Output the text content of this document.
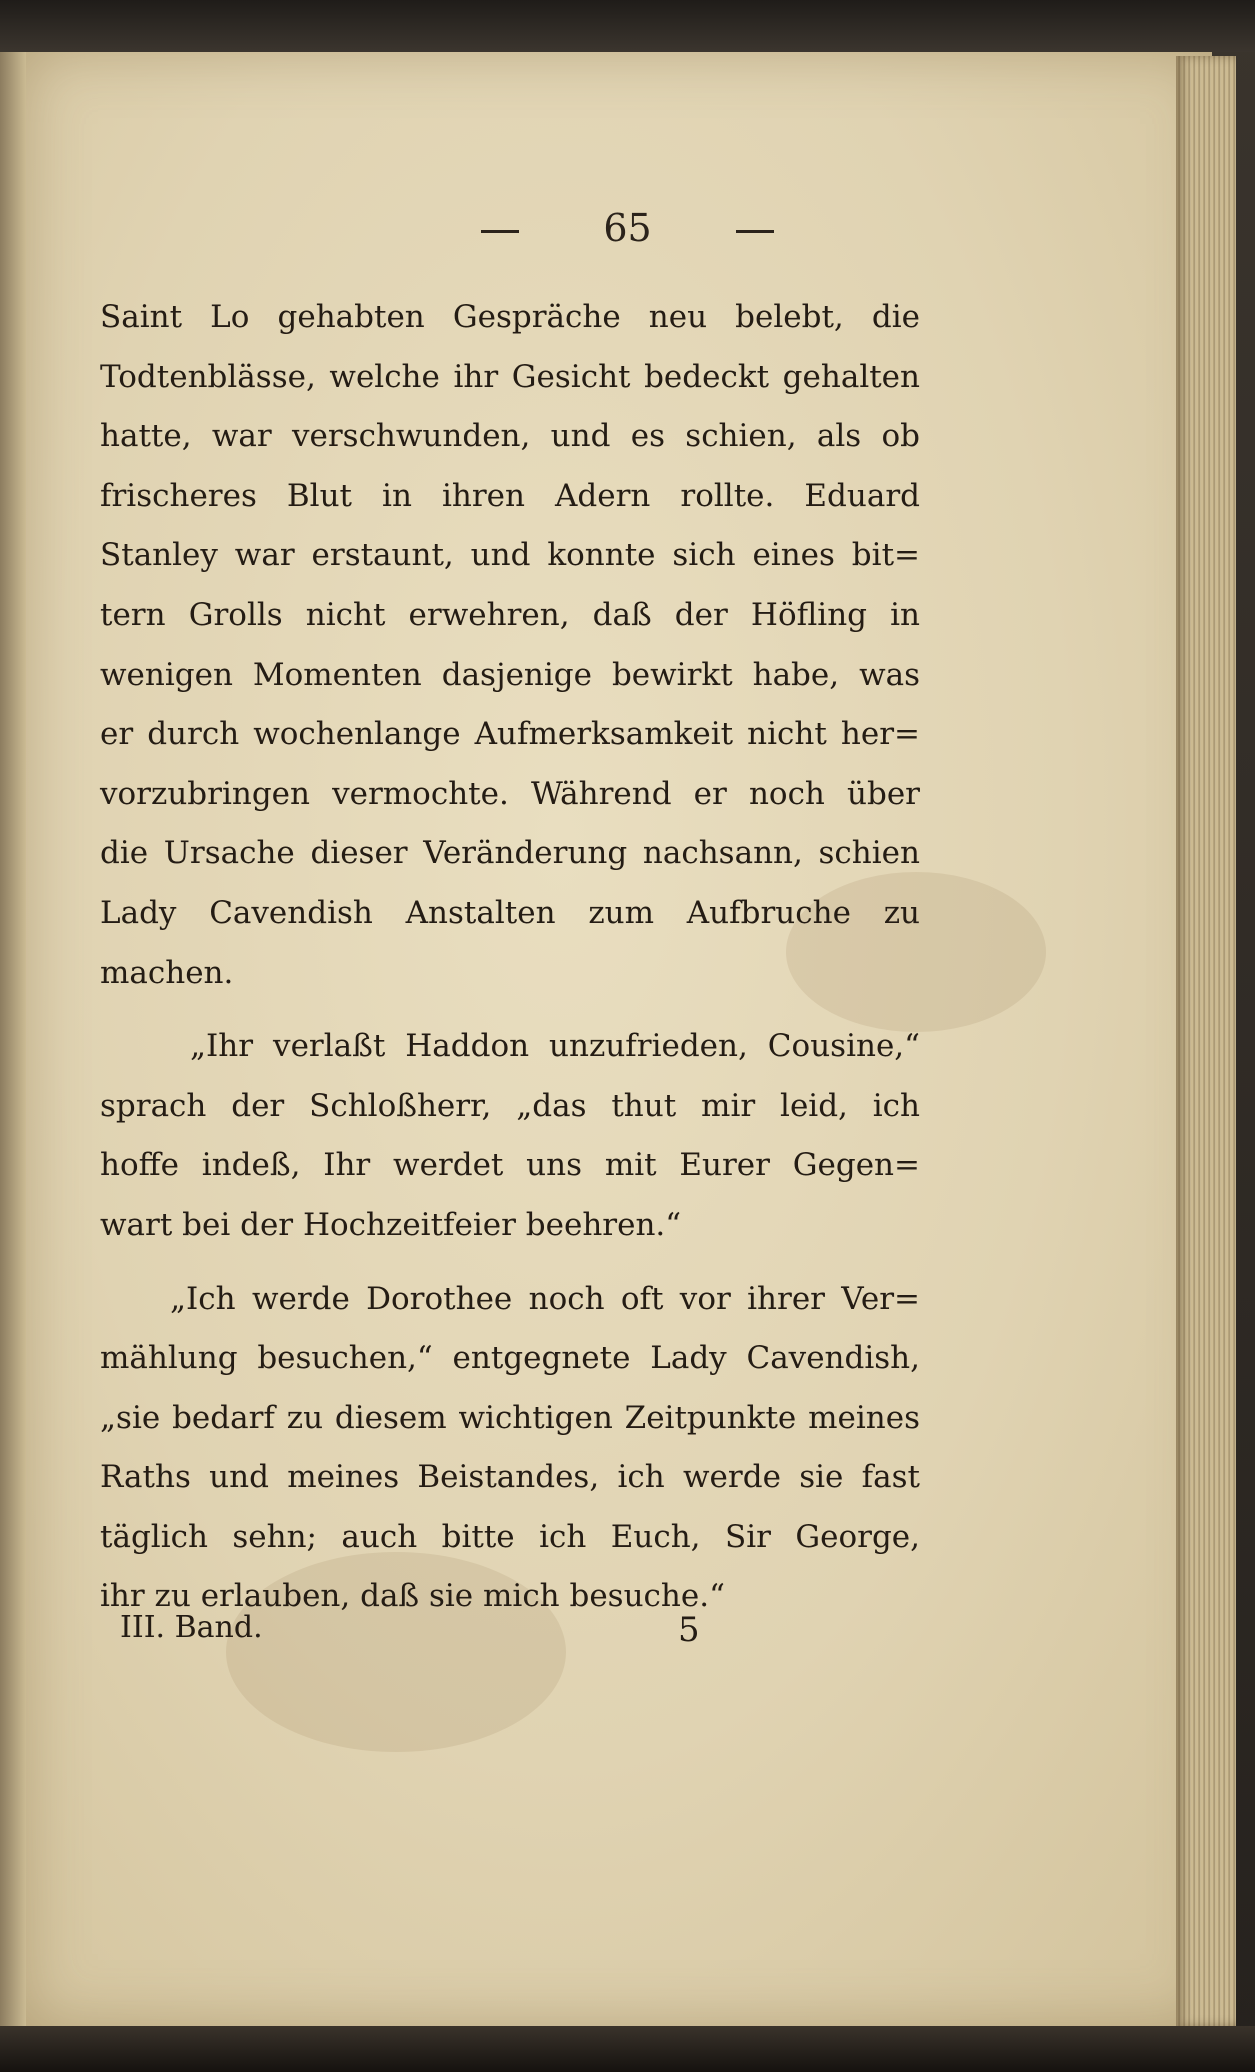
65
Saint Lo gehabten Gespräche neu belebt, die
Todtenblässe, welche ihr Gesicht bedeckt gehalten
hatte, war verschwunden, und es schien, als ob
frischeres Blut in ihren Adern rollte. Eduard
Stanley war erstaunt, und konnte sich eines bit=
tern Grolls nicht erwehren, daß der Höfling in
wenigen Momenten dasjenige bewirkt habe, was
er durch wochenlange Aufmerksamkeit nicht her=
vorzubringen vermochte. Während er noch über
die Ursache dieser Veränderung nachsann, schien
Lady Cavendish Anstalten zum Aufbruche zu
machen.
„Ihr verlaßt Haddon unzufrieden, Cousine,“
sprach der Schloßherr, „das thut mir leid, ich
hoffe indeß, Ihr werdet uns mit Eurer Gegen=
wart bei der Hochzeitfeier beehren.“
„Ich werde Dorothee noch oft vor ihrer Ver=
mählung besuchen,“ entgegnete Lady Cavendish,
„sie bedarf zu diesem wichtigen Zeitpunkte meines
Raths und meines Beistandes, ich werde sie fast
täglich sehn; auch bitte ich Euch, Sir George,
ihr zu erlauben, daß sie mich besuche.“
III. Band.	5
